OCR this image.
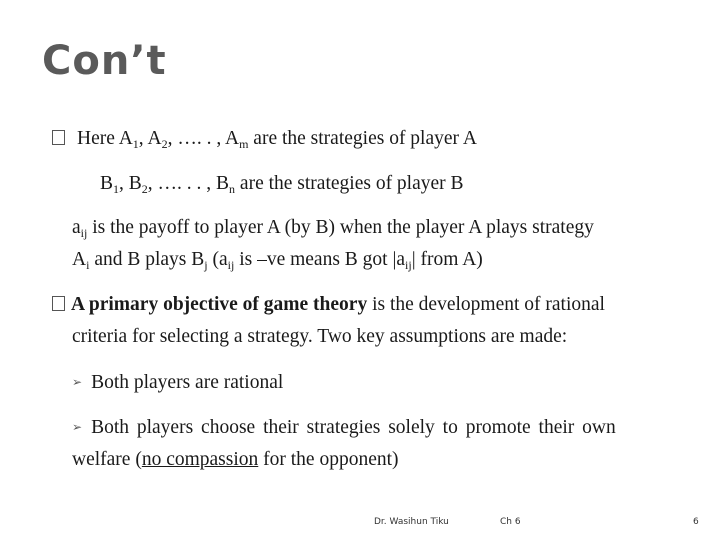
Con’t
Here $A_1$, $A_2$, …. . , $A_m$ are the strategies of player A
$B_1$, $B_2$, …. . . , $B_n$ are the strategies of player B
$a_{ij}$ is the payoff to player A (by B) when the player A plays strategy
$A_i$ and B plays $B_j$ ($a_{ij}$ is –ve means B got $|a_{ij}|$ from A)
A primary objective of game theory is the development of rational
criteria for selecting a strategy. Two key assumptions are made:
➢ Both players are rational
➢ Both players choose their strategies solely to promote their own
welfare (no compassion for the opponent)
Dr. Wasihun Tiku	Ch 6	6
